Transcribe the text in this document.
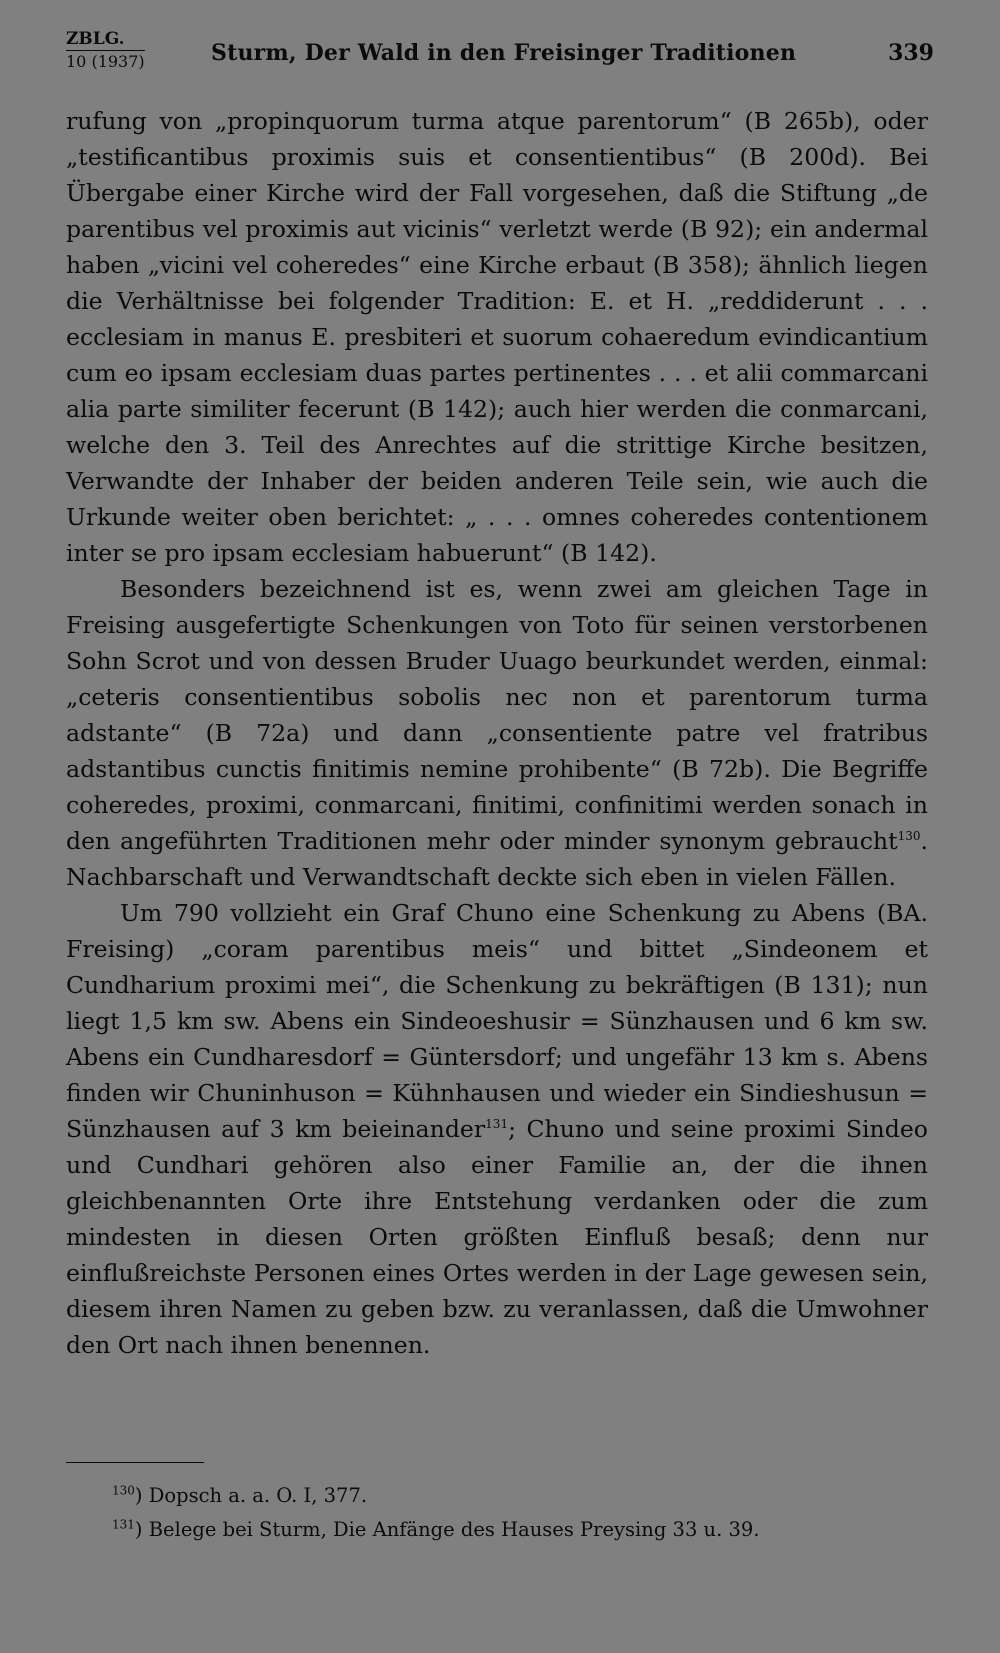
ZBLG.
10 (1937)	Sturm, Der Wald in den Freisinger Traditionen	339

rufung von „propinquorum turma atque parentorum“ (B 265b), oder „testificantibus proximis suis et consentientibus“ (B 200d). Bei Übergabe einer Kirche wird der Fall vorgesehen, daß die Stiftung „de parentibus vel proximis aut vicinis“ verletzt werde (B 92); ein andermal haben „vicini vel coheredes“ eine Kirche erbaut (B 358); ähnlich liegen die Verhältnisse bei folgender Tradition: E. et H. „reddiderunt . . . ecclesiam in manus E. presbiteri et suorum cohaeredum evindicantium cum eo ipsam ecclesiam duas partes pertinentes . . . et alii commarcani alia parte similiter fecerunt (B 142); auch hier werden die conmarcani, welche den 3. Teil des Anrechtes auf die strittige Kirche besitzen, Verwandte der Inhaber der beiden anderen Teile sein, wie auch die Urkunde weiter oben berichtet: „ . . . omnes coheredes contentionem inter se pro ipsam ecclesiam habuerunt“ (B 142).

Besonders bezeichnend ist es, wenn zwei am gleichen Tage in Freising ausgefertigte Schenkungen von Toto für seinen verstorbenen Sohn Scrot und von dessen Bruder Uuago beurkundet werden, einmal: „ceteris consentientibus sobolis nec non et parentorum turma adstante“ (B 72a) und dann „consentiente patre vel fratribus adstantibus cunctis finitimis nemine prohibente“ (B 72b). Die Begriffe coheredes, proximi, conmarcani, finitimi, confinitimi werden sonach in den angeführten Traditionen mehr oder minder synonym gebraucht$^{130}$. Nachbarschaft und Verwandtschaft deckte sich eben in vielen Fällen.

Um 790 vollzieht ein Graf Chuno eine Schenkung zu Abens (BA. Freising) „coram parentibus meis“ und bittet „Sindeonem et Cundharium proximi mei“, die Schenkung zu bekräftigen (B 131); nun liegt 1,5 km sw. Abens ein Sindeoeshusir = Sünzhausen und 6 km sw. Abens ein Cundharesdorf = Güntersdorf; und ungefähr 13 km s. Abens finden wir Chuninhuson = Kühnhausen und wieder ein Sindieshusun = Sünzhausen auf 3 km beieinander$^{131}$; Chuno und seine proximi Sindeo und Cundhari gehören also einer Familie an, der die ihnen gleichbenannten Orte ihre Entstehung verdanken oder die zum mindesten in diesen Orten größten Einfluß besaß; denn nur einflußreichste Personen eines Ortes werden in der Lage gewesen sein, diesem ihren Namen zu geben bzw. zu veranlassen, daß die Umwohner den Ort nach ihnen benennen.

$^{130}$) Dopsch a. a. O. I, 377.
$^{131}$) Belege bei Sturm, Die Anfänge des Hauses Preysing 33 u. 39.
